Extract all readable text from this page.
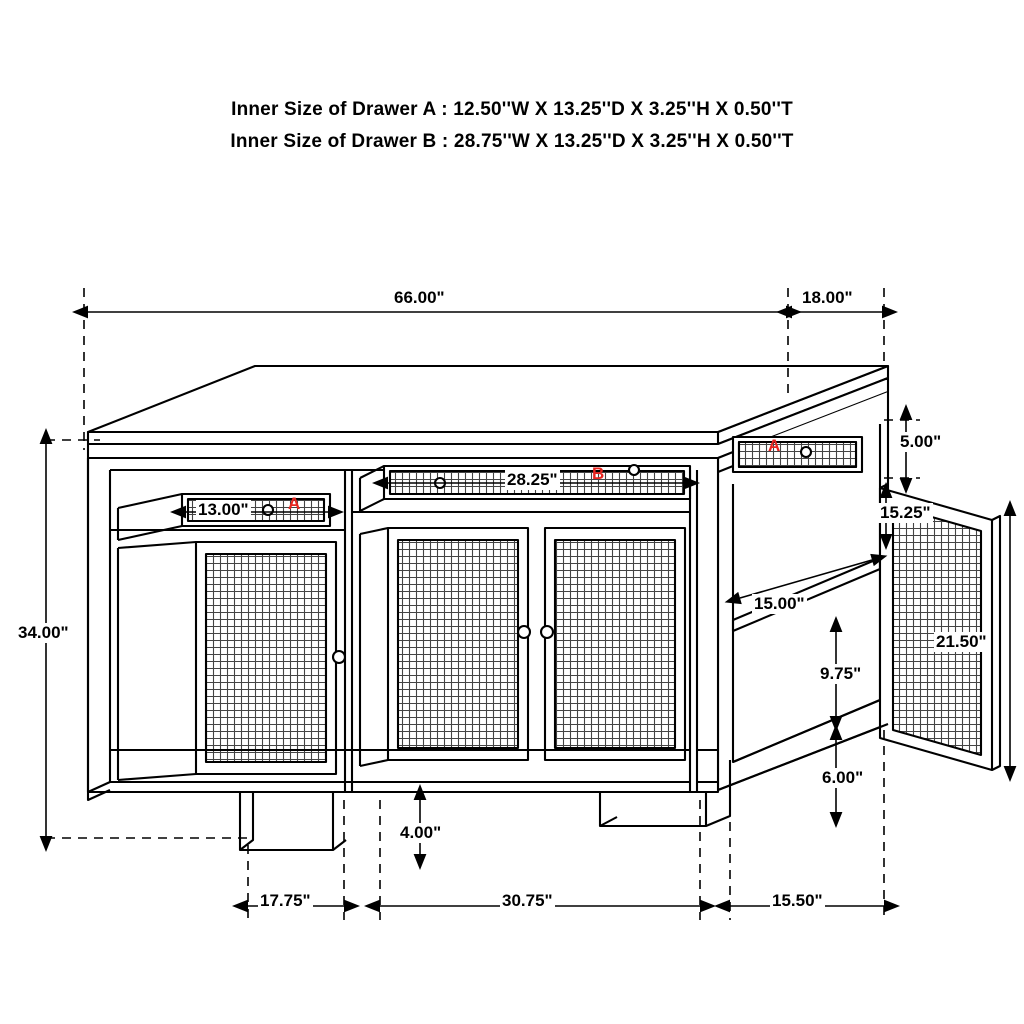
Inner Size of Drawer A : 12.50''W X 13.25''D X 3.25''H X 0.50''T
Inner Size of Drawer B : 28.75''W X 13.25''D X 3.25''H X 0.50''T
66.00"	18.00"
34.00"
5.00"
15.25"
21.50"
15.00"
9.75"
6.00"
4.00"
13.00"
28.25"
17.75"	30.75"	15.50"
A
B
A
